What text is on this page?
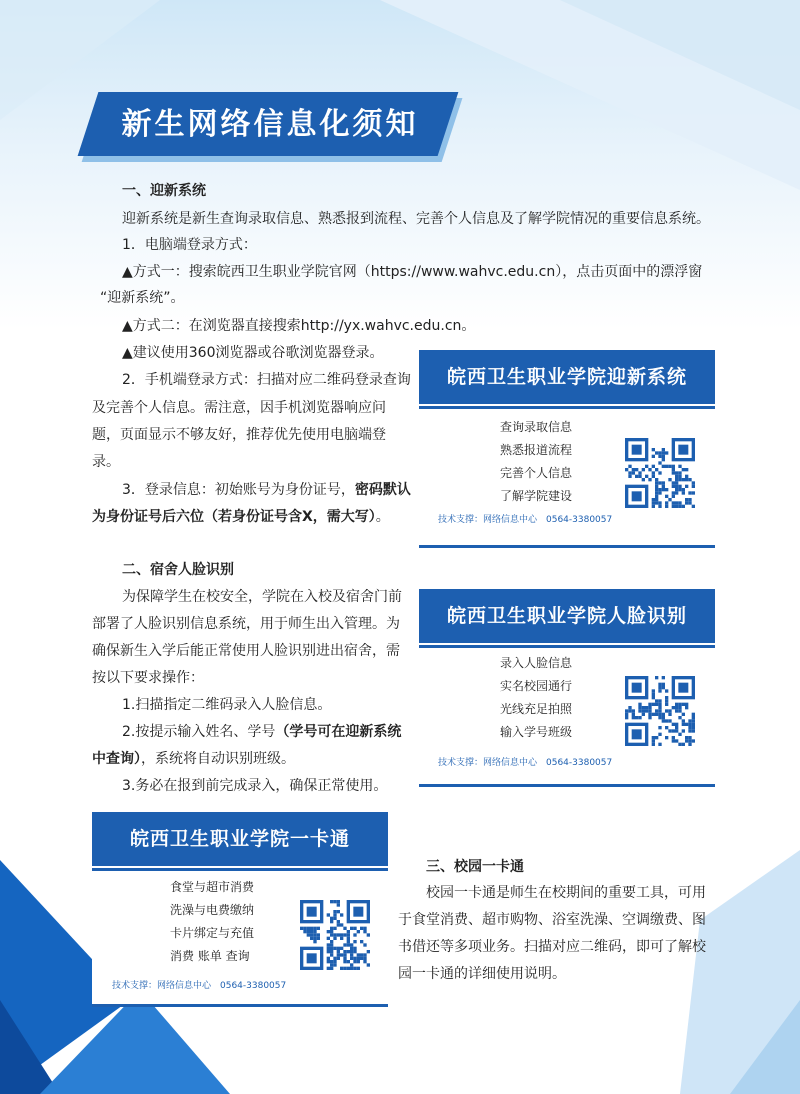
新生网络信息化须知
一、迎新系统
迎新系统是新生查询录取信息、熟悉报到流程、完善个人信息及了解学院情况的重要信息系统。
1．电脑端登录方式：
▲方式一：搜索皖西卫生职业学院官网（https://www.wahvc.edu.cn），点击页面中的漂浮窗
“迎新系统”。
▲方式二：在浏览器直接搜索http://yx.wahvc.edu.cn。
▲建议使用360浏览器或谷歌浏览器登录。
2．手机端登录方式：扫描对应二维码登录查询
及完善个人信息。需注意，因手机浏览器响应问
题，页面显示不够友好，推荐优先使用电脑端登
录。
3．登录信息：初始账号为身份证号，密码默认
为身份证号后六位（若身份证号含X，需大写）。
二、宿舍人脸识别
为保障学生在校安全，学院在入校及宿舍门前
部署了人脸识别信息系统，用于师生出入管理。为
确保新生入学后能正常使用人脸识别进出宿舍，需
按以下要求操作：
1.扫描指定二维码录入人脸信息。
2.按提示输入姓名、学号（学号可在迎新系统
中查询），系统将自动识别班级。
3.务必在报到前完成录入，确保正常使用。
三、校园一卡通
校园一卡通是师生在校期间的重要工具，可用
于食堂消费、超市购物、浴室洗澡、空调缴费、图
书借还等多项业务。扫描对应二维码，即可了解校
园一卡通的详细使用说明。
皖西卫生职业学院迎新系统
查询录取信息
熟悉报道流程
完善个人信息
了解学院建设
技术支撑：网络信息中心　0564-3380057
皖西卫生职业学院人脸识别
录入人脸信息
实名校园通行
光线充足拍照
输入学号班级
技术支撑：网络信息中心　0564-3380057
皖西卫生职业学院一卡通
食堂与超市消费
洗澡与电费缴纳
卡片绑定与充值
消费 账单 查询
技术支撑：网络信息中心　0564-3380057
